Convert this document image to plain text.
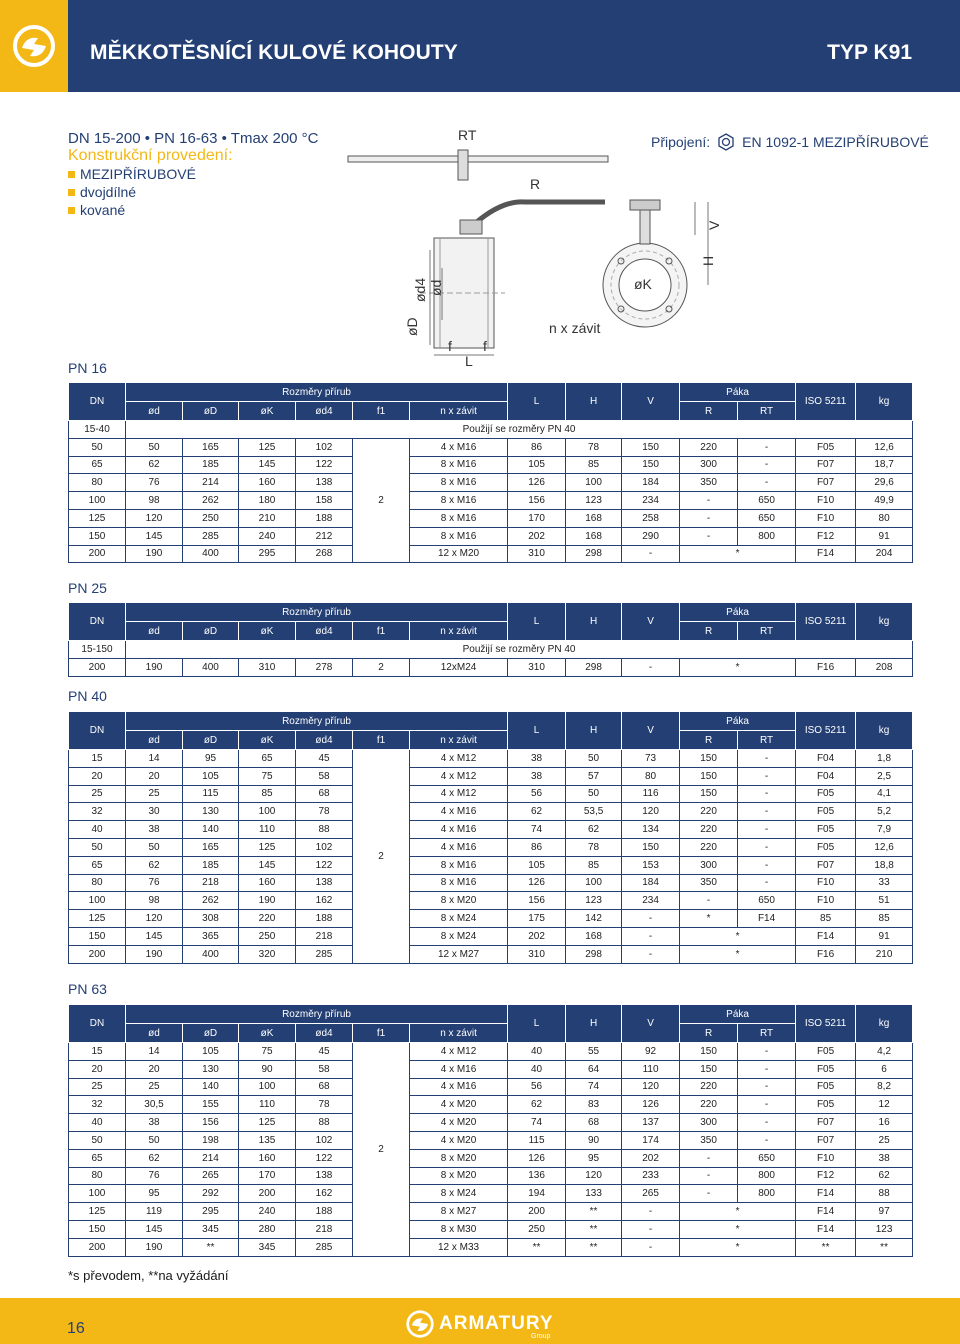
MĚKKOTĚSNÍCÍ KULOVÉ KOHOUTY	TYP K91
DN 15-200 • PN 16-63 • Tmax 200 °C
Konstrukční provedení:
MEZIPŘÍRUBOVÉ
dvojdílné
kované
Připojení: EN 1092-1 MEZIPŘÍRUBOVÉ
RT
R
V
H
øD
ød4 ød	øK
n x závit
f f
L
PN 16
DN	Rozměry přírub						L	H	V	Páka		ISO 5211	kg
	ød	øD	øK	ød4	f1	n x závit				R	RT		
15-40	Použijí se rozměry PN 40												
50	50	165	125	102	2	4 x M16	86	78	150	220	-	F05	12,6
65	62	185	145	122		8 x M16	105	85	150	300	-	F07	18,7
80	76	214	160	138		8 x M16	126	100	184	350	-	F07	29,6
100	98	262	180	158		8 x M16	156	123	234	-	650	F10	49,9
125	120	250	210	188		8 x M16	170	168	258	-	650	F10	80
150	145	285	240	212		8 x M16	202	168	290	-	800	F12	91
200	190	400	295	268		12 x M20	310	298	-	*		F14	204
PN 25
DN	Rozměry přírub						L	H	V	Páka		ISO 5211	kg
	ød	øD	øK	ød4	f1	n x závit				R	RT		
15-150	Použijí se rozměry PN 40												
200	190	400	310	278	2	12xM24	310	298	-	*		F16	208
PN 40
DN	Rozměry přírub						L	H	V	Páka		ISO 5211	kg
	ød	øD	øK	ød4	f1	n x závit				R	RT		
15	14	95	65	45	2	4 x M12	38	50	73	150	-	F04	1,8
20	20	105	75	58		4 x M12	38	57	80	150	-	F04	2,5
25	25	115	85	68		4 x M12	56	50	116	150	-	F05	4,1
32	30	130	100	78		4 x M16	62	53,5	120	220	-	F05	5,2
40	38	140	110	88		4 x M16	74	62	134	220	-	F05	7,9
50	50	165	125	102		4 x M16	86	78	150	220	-	F05	12,6
65	62	185	145	122		8 x M16	105	85	153	300	-	F07	18,8
80	76	218	160	138		8 x M16	126	100	184	350	-	F10	33
100	98	262	190	162		8 x M20	156	123	234	-	650	F10	51
125	120	308	220	188		8 x M24	175	142	-	*	F14	85	85
150	145	365	250	218		8 x M24	202	168	-	*		F14	91
200	190	400	320	285		12 x M27	310	298	-	*		F16	210
PN 63
DN	Rozměry přírub						L	H	V	Páka		ISO 5211	kg
	ød	øD	øK	ød4	f1	n x závit				R	RT		
15	14	105	75	45	2	4 x M12	40	55	92	150	-	F05	4,2
20	20	130	90	58		4 x M16	40	64	110	150	-	F05	6
25	25	140	100	68		4 x M16	56	74	120	220	-	F05	8,2
32	30,5	155	110	78		4 x M20	62	83	126	220	-	F05	12
40	38	156	125	88		4 x M20	74	68	137	300	-	F07	16
50	50	198	135	102		4 x M20	115	90	174	350	-	F07	25
65	62	214	160	122		8 x M20	126	95	202	-	650	F10	38
80	76	265	170	138		8 x M20	136	120	233	-	800	F12	62
100	95	292	200	162		8 x M24	194	133	265	-	800	F14	88
125	119	295	240	188		8 x M27	200	**	-	*		F14	97
150	145	345	280	218		8 x M30	250	**	-	*		F14	123
200	190	**	345	285		12 x M33	**	**	-	*		**	**
*s převodem, **na vyžádání
16	ARMATURY
Group
